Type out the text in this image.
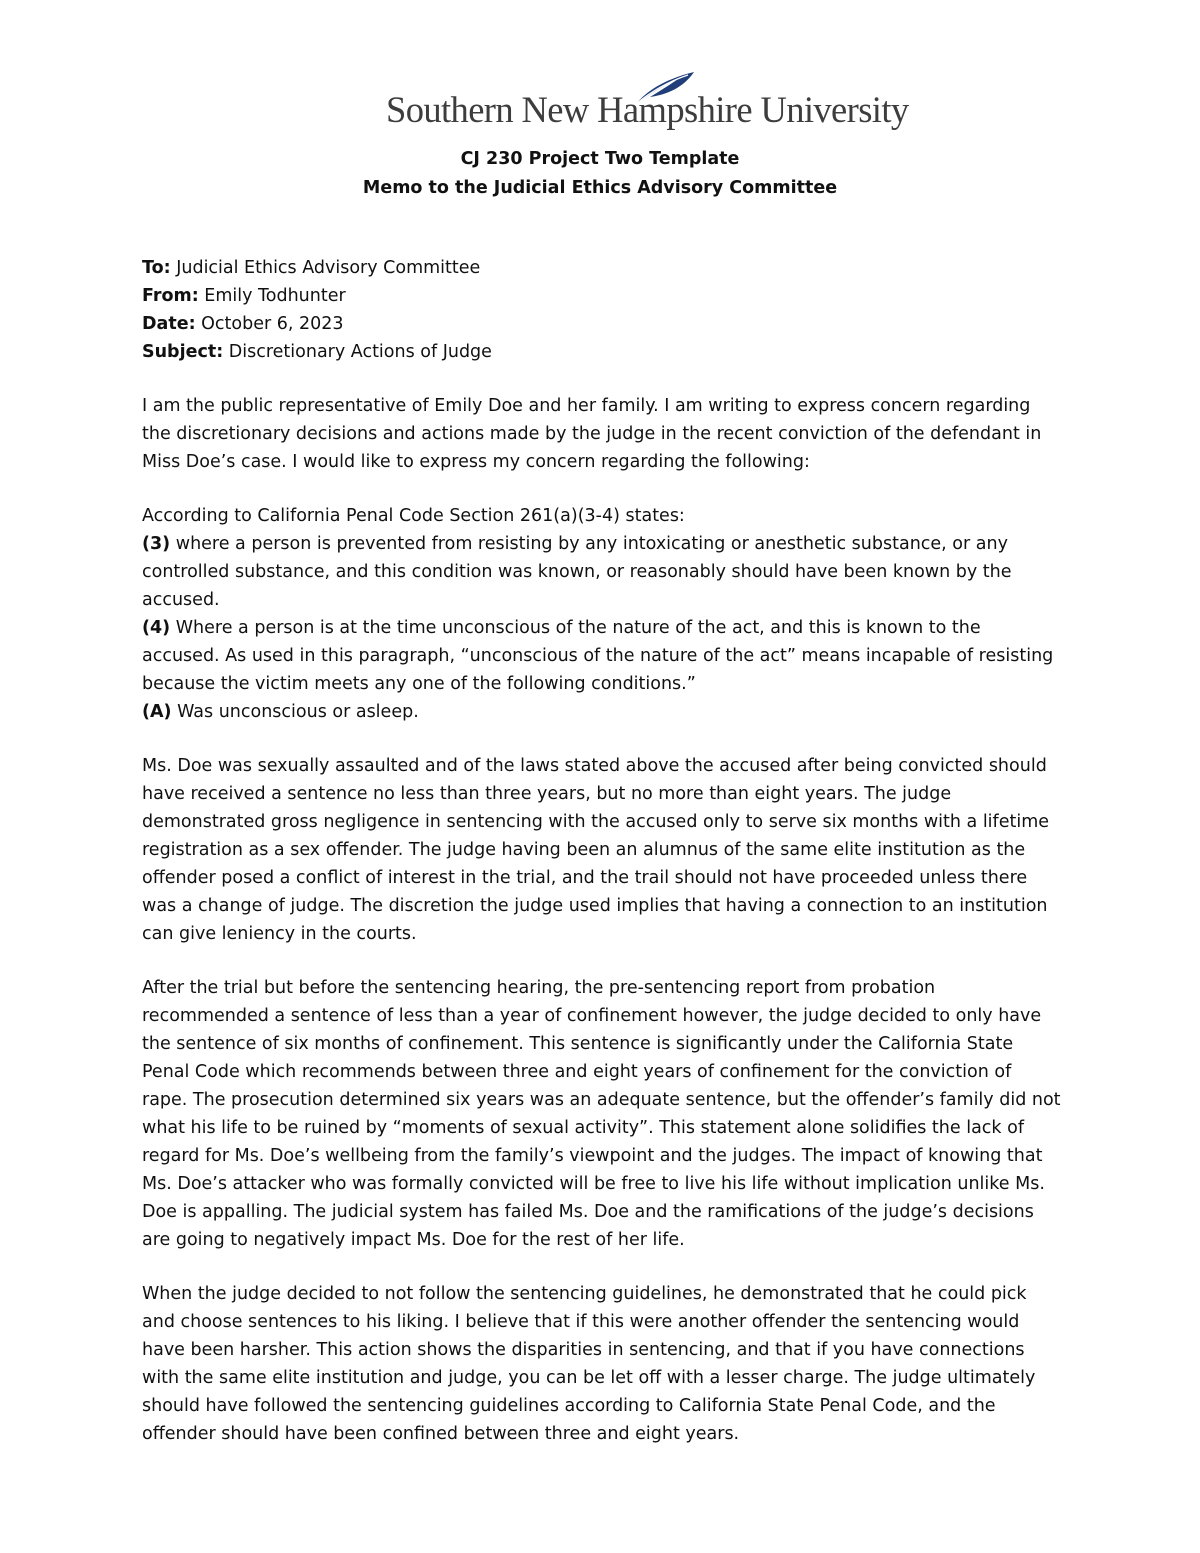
Southern New Hampshire University
CJ 230 Project Two Template
Memo to the Judicial Ethics Advisory Committee

To: Judicial Ethics Advisory Committee

From: Emily Todhunter

Date: October 6, 2023

Subject: Discretionary Actions of Judge

I am the public representative of Emily Doe and her family. I am writing to express concern regarding the discretionary decisions and actions made by the judge in the recent conviction of the defendant in Miss Doe’s case. I would like to express my concern regarding the following:

According to California Penal Code Section 261(a)(3-4) states:

(3) where a person is prevented from resisting by any intoxicating or anesthetic substance, or any controlled substance, and this condition was known, or reasonably should have been known by the accused.

(4) Where a person is at the time unconscious of the nature of the act, and this is known to the accused. As used in this paragraph, “unconscious of the nature of the act” means incapable of resisting because the victim meets any one of the following conditions.”

(A) Was unconscious or asleep.

Ms. Doe was sexually assaulted and of the laws stated above the accused after being convicted should have received a sentence no less than three years, but no more than eight years. The judge demonstrated gross negligence in sentencing with the accused only to serve six months with a lifetime registration as a sex offender. The judge having been an alumnus of the same elite institution as the offender posed a conflict of interest in the trial, and the trail should not have proceeded unless there was a change of judge. The discretion the judge used implies that having a connection to an institution can give leniency in the courts.

After the trial but before the sentencing hearing, the pre-sentencing report from probation recommended a sentence of less than a year of confinement however, the judge decided to only have the sentence of six months of confinement. This sentence is significantly under the California State Penal Code which recommends between three and eight years of confinement for the conviction of rape. The prosecution determined six years was an adequate sentence, but the offender’s family did not what his life to be ruined by “moments of sexual activity”. This statement alone solidifies the lack of regard for Ms. Doe’s wellbeing from the family’s viewpoint and the judges. The impact of knowing that Ms. Doe’s attacker who was formally convicted will be free to live his life without implication unlike Ms. Doe is appalling. The judicial system has failed Ms. Doe and the ramifications of the judge’s decisions are going to negatively impact Ms. Doe for the rest of her life.

When the judge decided to not follow the sentencing guidelines, he demonstrated that he could pick and choose sentences to his liking. I believe that if this were another offender the sentencing would have been harsher. This action shows the disparities in sentencing, and that if you have connections with the same elite institution and judge, you can be let off with a lesser charge. The judge ultimately should have followed the sentencing guidelines according to California State Penal Code, and the offender should have been confined between three and eight years.
